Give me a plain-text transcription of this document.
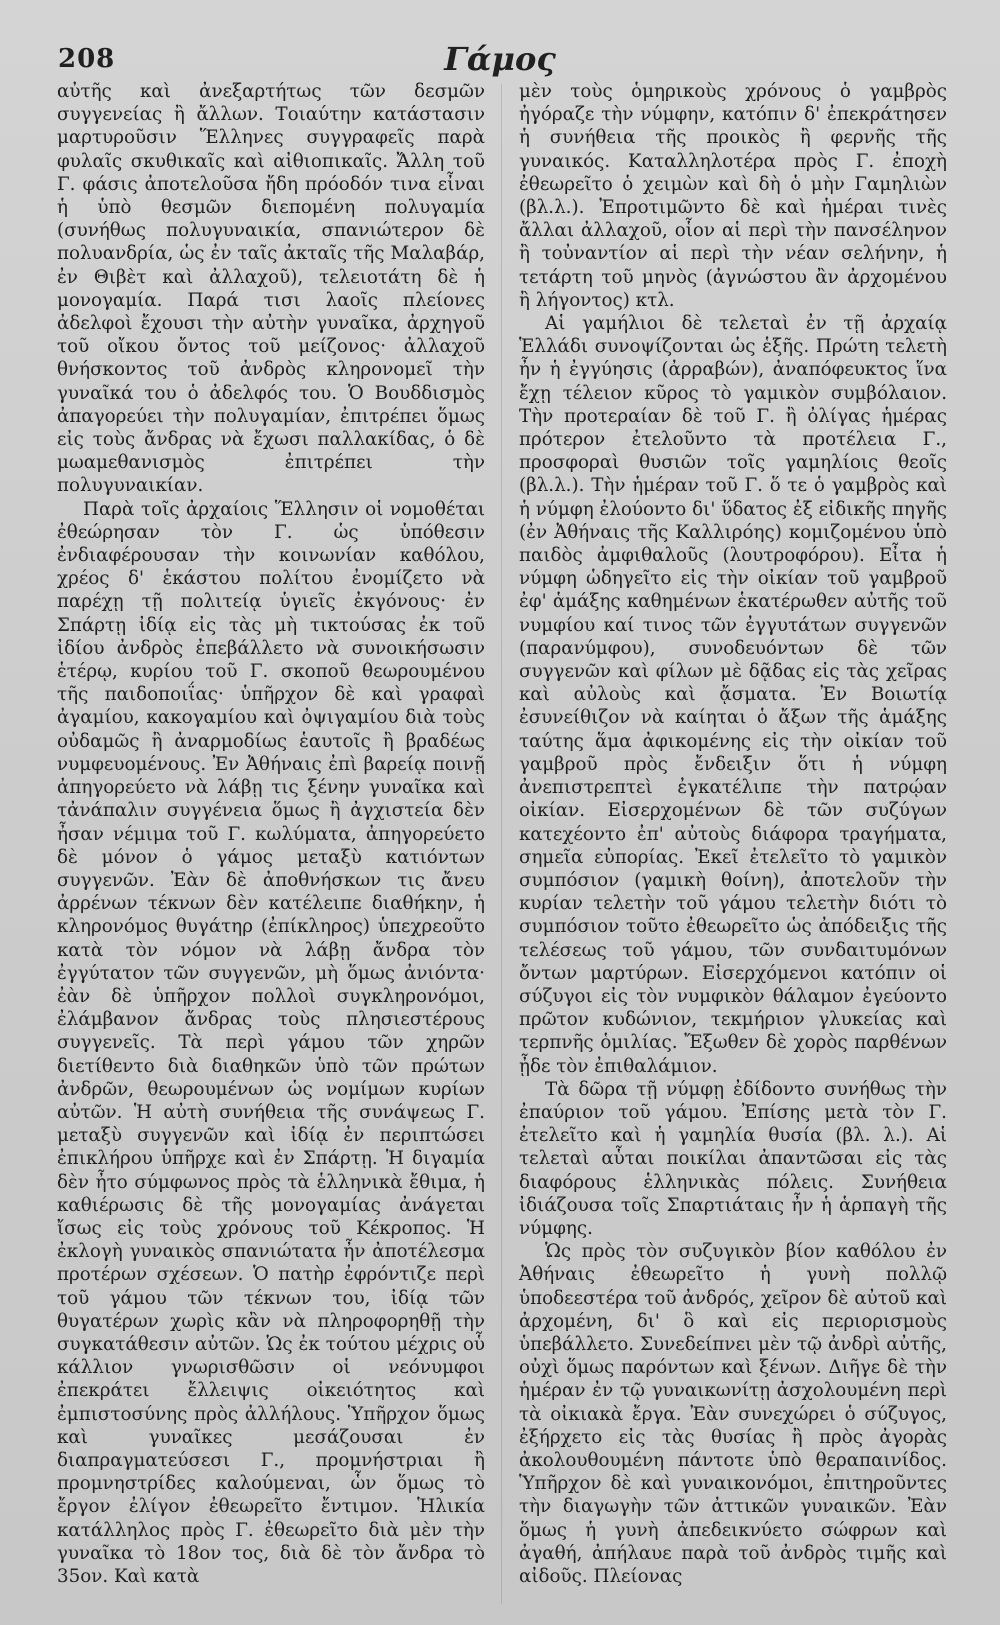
208	Γάμος

αὐτῆς καὶ ἀνεξαρτήτως τῶν δεσμῶν συγγενείας ἢ ἄλλων. Τοιαύτην κατάστασιν μαρτυροῦσιν Ἕλληνες συγγραφεῖς παρὰ φυλαῖς σκυθικαῖς καὶ αἰθιοπικαῖς. Ἄλλη τοῦ Γ. φάσις ἀποτελοῦσα ἤδη πρόοδόν τινα εἶναι ἡ ὑπὸ θεσμῶν διεπομένη πολυγαμία (συνήθως πολυγυναικία, σπανιώτερον δὲ πολυανδρία, ὡς ἐν ταῖς ἀκταῖς τῆς Μαλαβάρ, ἐν Θιβὲτ καὶ ἀλλαχοῦ), τελειοτάτη δὲ ἡ μονογαμία. Παρά τισι λαοῖς πλείονες ἀδελφοὶ ἔχουσι τὴν αὐτὴν γυναῖκα, ἀρχηγοῦ τοῦ οἴκου ὄντος τοῦ μείζονος· ἀλλαχοῦ θνήσκοντος τοῦ ἀνδρὸς κληρονομεῖ τὴν γυναῖκά του ὁ ἀδελφός του. Ὁ Βουδδισμὸς ἀπαγορεύει τὴν πολυγαμίαν, ἐπιτρέπει ὅμως εἰς τοὺς ἄνδρας νὰ ἔχωσι παλλακίδας, ὁ δὲ μωαμεθανισμὸς ἐπιτρέπει τὴν πολυγυναικίαν.

Παρὰ τοῖς ἀρχαίοις Ἕλλησιν οἱ νομοθέται ἐθεώρησαν τὸν Γ. ὡς ὑπόθεσιν ἐνδιαφέρουσαν τὴν κοινωνίαν καθόλου, χρέος δ' ἑκάστου πολίτου ἐνομίζετο νὰ παρέχῃ τῇ πολιτείᾳ ὑγιεῖς ἐκγόνους· ἐν Σπάρτῃ ἰδίᾳ εἰς τὰς μὴ τικτούσας ἐκ τοῦ ἰδίου ἀνδρὸς ἐπεβάλλετο νὰ συνοικήσωσιν ἑτέρῳ, κυρίου τοῦ Γ. σκοποῦ θεωρουμένου τῆς παιδοποιΐας· ὑπῆρχον δὲ καὶ γραφαὶ ἀγαμίου, κακογαμίου καὶ ὀψιγαμίου διὰ τοὺς οὐδαμῶς ἢ ἀναρμοδίως ἑαυτοῖς ἢ βραδέως νυμφευομένους. Ἐν Ἀθήναις ἐπὶ βαρείᾳ ποινῇ ἀπηγορεύετο νὰ λάβῃ τις ξένην γυναῖκα καὶ τἀνάπαλιν συγγένεια ὅμως ἢ ἀγχιστεία δὲν ἦσαν νέμιμα τοῦ Γ. κωλύματα, ἀπηγορεύετο δὲ μόνον ὁ γάμος μεταξὺ κατιόντων συγγενῶν. Ἐὰν δὲ ἀποθνήσκων τις ἄνευ ἀρρένων τέκνων δὲν κατέλειπε διαθήκην, ἡ κληρονόμος θυγάτηρ (ἐπίκληρος) ὑπεχρεοῦτο κατὰ τὸν νόμον νὰ λάβῃ ἄνδρα τὸν ἐγγύτατον τῶν συγγενῶν, μὴ ὅμως ἀνιόντα· ἐὰν δὲ ὑπῆρχον πολλοὶ συγκληρονόμοι, ἐλάμβανον ἄνδρας τοὺς πλησιεστέρους συγγενεῖς. Τὰ περὶ γάμου τῶν χηρῶν διετίθεντο διὰ διαθηκῶν ὑπὸ τῶν πρώτων ἀνδρῶν, θεωρουμένων ὡς νομίμων κυρίων αὐτῶν. Ἡ αὐτὴ συνήθεια τῆς συνάψεως Γ. μεταξὺ συγγενῶν καὶ ἰδίᾳ ἐν περιπτώσει ἐπικλήρου ὑπῆρχε καὶ ἐν Σπάρτῃ. Ἡ διγαμία δὲν ἦτο σύμφωνος πρὸς τὰ ἑλληνικὰ ἔθιμα, ἡ καθιέρωσις δὲ τῆς μονογαμίας ἀνάγεται ἴσως εἰς τοὺς χρόνους τοῦ Κέκροπος. Ἡ ἐκλογὴ γυναικὸς σπανιώτατα ἦν ἀποτέλεσμα προτέρων σχέσεων. Ὁ πατὴρ ἐφρόντιζε περὶ τοῦ γάμου τῶν τέκνων του, ἰδίᾳ τῶν θυγατέρων χωρὶς κἂν νὰ πληροφορηθῇ τὴν συγκατάθεσιν αὐτῶν. Ὡς ἐκ τούτου μέχρις οὗ κάλλιον γνωρισθῶσιν οἱ νεόνυμφοι ἐπεκράτει ἔλλειψις οἰκειότητος καὶ ἐμπιστοσύνης πρὸς ἀλλήλους. Ὑπῆρχον ὅμως καὶ γυναῖκες μεσάζουσαι ἐν διαπραγματεύσεσι Γ., προμνήστριαι ἢ προμνηστρίδες καλούμεναι, ὧν ὅμως τὸ ἔργον ἐλίγον ἐθεωρεῖτο ἔντιμον. Ἡλικία κατάλληλος πρὸς Γ. ἐθεωρεῖτο διὰ μὲν τὴν γυναῖκα τὸ 18ον τος, διὰ δὲ τὸν ἄνδρα τὸ 35ον. Καὶ κατὰ

μὲν τοὺς ὁμηρικοὺς χρόνους ὁ γαμβρὸς ἠγόραζε τὴν νύμφην, κατόπιν δ' ἐπεκράτησεν ἡ συνήθεια τῆς προικὸς ἢ φερνῆς τῆς γυναικός. Καταλληλοτέρα πρὸς Γ. ἐποχὴ ἐθεωρεῖτο ὁ χειμὼν καὶ δὴ ὁ μὴν Γαμηλιὼν (βλ.λ.). Ἐπροτιμῶντο δὲ καὶ ἡμέραι τινὲς ἄλλαι ἀλλαχοῦ, οἷον αἱ περὶ τὴν πανσέληνον ἢ τοὐναντίον αἱ περὶ τὴν νέαν σελήνην, ἡ τετάρτη τοῦ μηνὸς (ἀγνώστου ἂν ἀρχομένου ἢ λήγοντος) κτλ.

Αἱ γαμήλιοι δὲ τελεταὶ ἐν τῇ ἀρχαίᾳ Ἑλλάδι συνοψίζονται ὡς ἑξῆς. Πρώτη τελετὴ ἦν ἡ ἐγγύησις (ἀρραβών), ἀναπόφευκτος ἵνα ἔχῃ τέλειον κῦρος τὸ γαμικὸν συμβόλαιον. Τὴν προτεραίαν δὲ τοῦ Γ. ἢ ὀλίγας ἡμέρας πρότερον ἐτελοῦντο τὰ προτέλεια Γ., προσφοραὶ θυσιῶν τοῖς γαμηλίοις θεοῖς (βλ.λ.). Τὴν ἡμέραν τοῦ Γ. ὅ τε ὁ γαμβρὸς καὶ ἡ νύμφη ἐλούοντο δι' ὕδατος ἐξ εἰδικῆς πηγῆς (ἐν Ἀθήναις τῆς Καλλιρόης) κομιζομένου ὑπὸ παιδὸς ἀμφιθαλοῦς (λουτροφόρου). Εἶτα ἡ νύμφη ὡδηγεῖτο εἰς τὴν οἰκίαν τοῦ γαμβροῦ ἐφ' ἁμάξης καθημένων ἑκατέρωθεν αὐτῆς τοῦ νυμφίου καί τινος τῶν ἐγγυτάτων συγγενῶν (παρανύμφου), συνοδευόντων δὲ τῶν συγγενῶν καὶ φίλων μὲ δᾷδας εἰς τὰς χεῖρας καὶ αὐλοὺς καὶ ᾄσματα. Ἐν Βοιωτίᾳ ἐσυνείθιζον νὰ καίηται ὁ ἄξων τῆς ἁμάξης ταύτης ἅμα ἀφικομένης εἰς τὴν οἰκίαν τοῦ γαμβροῦ πρὸς ἔνδειξιν ὅτι ἡ νύμφη ἀνεπιστρεπτεὶ ἐγκατέλιπε τὴν πατρῴαν οἰκίαν. Εἰσερχομένων δὲ τῶν συζύγων κατεχέοντο ἐπ' αὐτοὺς διάφορα τραγήματα, σημεῖα εὐπορίας. Ἐκεῖ ἐτελεῖτο τὸ γαμικὸν συμπόσιον (γαμικὴ θοίνη), ἀποτελοῦν τὴν κυρίαν τελετὴν τοῦ γάμου τελετὴν διότι τὸ συμπόσιον τοῦτο ἐθεωρεῖτο ὡς ἀπόδειξις τῆς τελέσεως τοῦ γάμου, τῶν συνδαιτυμόνων ὄντων μαρτύρων. Εἰσερχόμενοι κατόπιν οἱ σύζυγοι εἰς τὸν νυμφικὸν θάλαμον ἐγεύοντο πρῶτον κυδώνιον, τεκμήριον γλυκείας καὶ τερπνῆς ὁμιλίας. Ἔξωθεν δὲ χορὸς παρθένων ᾖδε τὸν ἐπιθαλάμιον.

Τὰ δῶρα τῇ νύμφῃ ἐδίδοντο συνήθως τὴν ἐπαύριον τοῦ γάμου. Ἐπίσης μετὰ τὸν Γ. ἐτελεῖτο καὶ ἡ γαμηλία θυσία (βλ. λ.). Αἱ τελεταὶ αὗται ποικίλαι ἀπαντῶσαι εἰς τὰς διαφόρους ἑλληνικὰς πόλεις. Συνήθεια ἰδιάζουσα τοῖς Σπαρτιάταις ἦν ἡ ἁρπαγὴ τῆς νύμφης.

Ὡς πρὸς τὸν συζυγικὸν βίον καθόλου ἐν Ἀθήναις ἐθεωρεῖτο ἡ γυνὴ πολλῷ ὑποδεεστέρα τοῦ ἀνδρός, χεῖρον δὲ αὐτοῦ καὶ ἀρχομένη, δι' ὃ καὶ εἰς περιορισμοὺς ὑπεβάλλετο. Συνεδείπνει μὲν τῷ ἀνδρὶ αὐτῆς, οὐχὶ ὅμως παρόντων καὶ ξένων. Διῆγε δὲ τὴν ἡμέραν ἐν τῷ γυναικωνίτῃ ἀσχολουμένη περὶ τὰ οἰκιακὰ ἔργα. Ἐὰν συνεχώρει ὁ σύζυγος, ἐξήρχετο εἰς τὰς θυσίας ἢ πρὸς ἀγορὰς ἀκολουθουμένη πάντοτε ὑπὸ θεραπαινίδος. Ὑπῆρχον δὲ καὶ γυναικονόμοι, ἐπιτηροῦντες τὴν διαγωγὴν τῶν ἀττικῶν γυναικῶν. Ἐὰν ὅμως ἡ γυνὴ ἀπεδεικνύετο σώφρων καὶ ἀγαθή, ἀπήλαυε παρὰ τοῦ ἀνδρὸς τιμῆς καὶ αἰδοῦς. Πλείονας
